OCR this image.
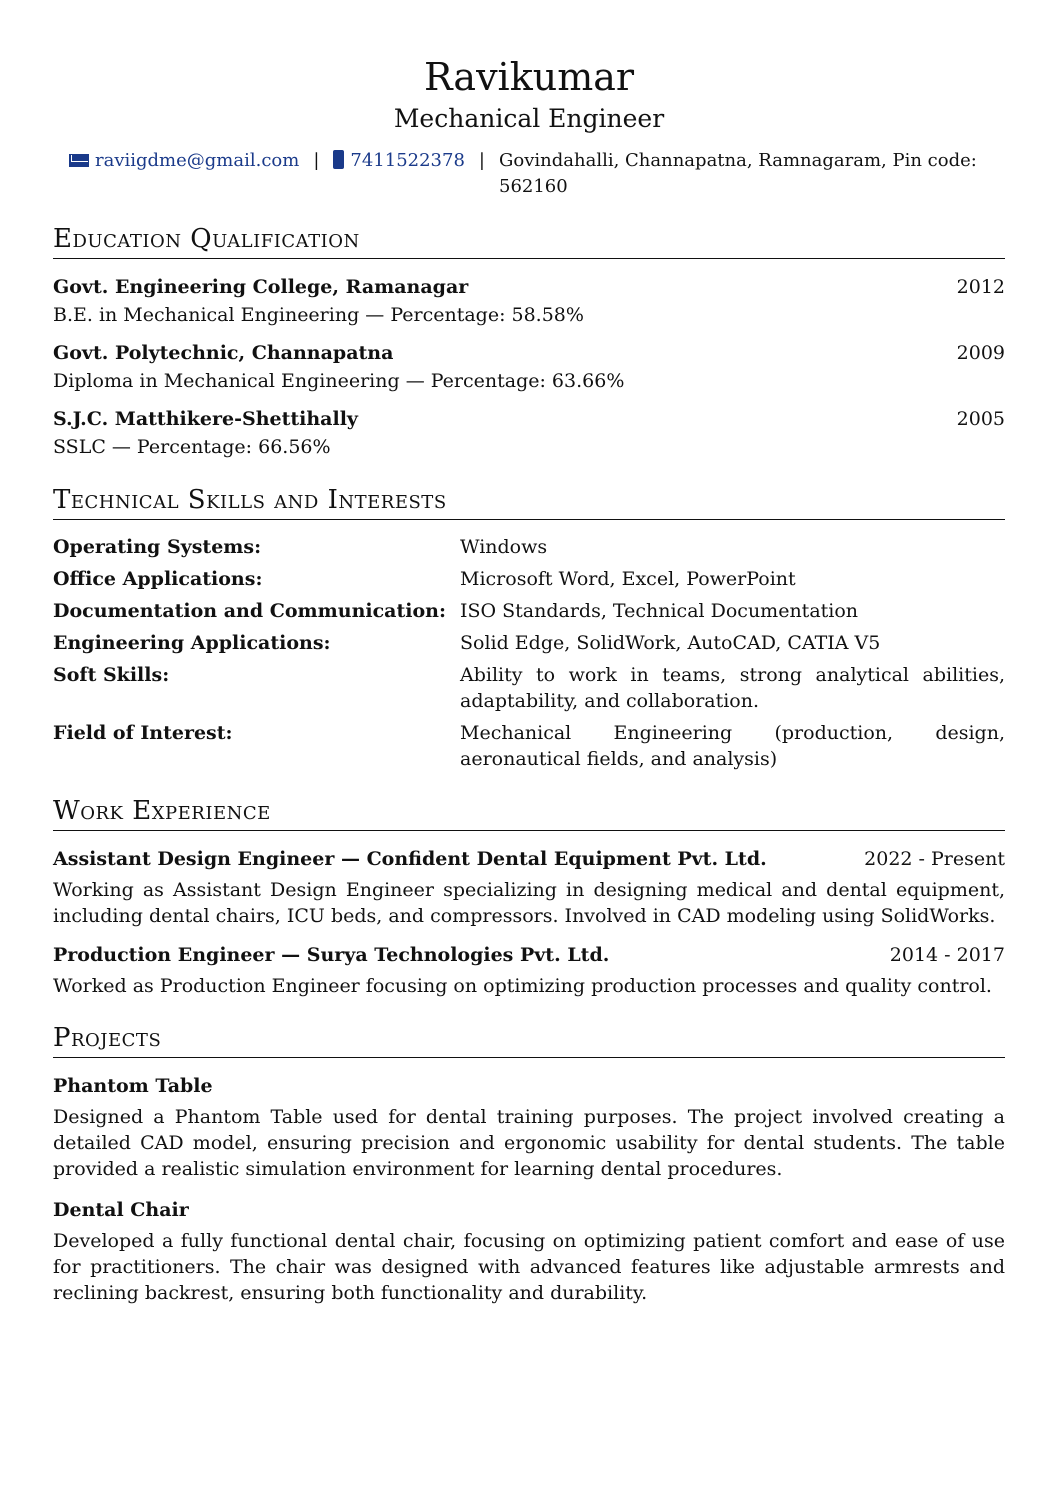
Ravikumar
Mechanical Engineer
raviigdme@gmail.com |	7411522378 | Govindahalli, Channapatna, Ramnagaram, Pin code: 562160
Education Qualification
Govt. Engineering College, Ramanagar	2012
B.E. in Mechanical Engineering — Percentage: 58.58%
Govt. Polytechnic, Channapatna	2009
Diploma in Mechanical Engineering — Percentage: 63.66%
S.J.C. Matthikere-Shettihally	2005
SSLC — Percentage: 66.56%
Technical Skills and Interests
Operating Systems:	Windows
Office Applications:	Microsoft Word, Excel, PowerPoint
Documentation and Communication: ISO Standards, Technical Documentation
Engineering Applications:	Solid Edge, SolidWork, AutoCAD, CATIA V5
Soft Skills:	Ability to work in teams, strong analytical abilities, adaptability, and collaboration.
Field of Interest:	Mechanical Engineering (production, design, aeronautical fields, and analysis)
Work Experience
Assistant Design Engineer — Confident Dental Equipment Pvt. Ltd.	2022 - Present
Working as Assistant Design Engineer specializing in designing medical and dental equipment, including dental chairs, ICU beds, and compressors. Involved in CAD modeling using SolidWorks.
Production Engineer — Surya Technologies Pvt. Ltd.	2014 - 2017
Worked as Production Engineer focusing on optimizing production processes and quality control.
Projects
Phantom Table
Designed a Phantom Table used for dental training purposes. The project involved creating a detailed CAD model, ensuring precision and ergonomic usability for dental students. The table provided a realistic simulation environment for learning dental procedures.
Dental Chair
Developed a fully functional dental chair, focusing on optimizing patient comfort and ease of use for practitioners. The chair was designed with advanced features like adjustable armrests and reclining backrest, ensuring both functionality and durability.
